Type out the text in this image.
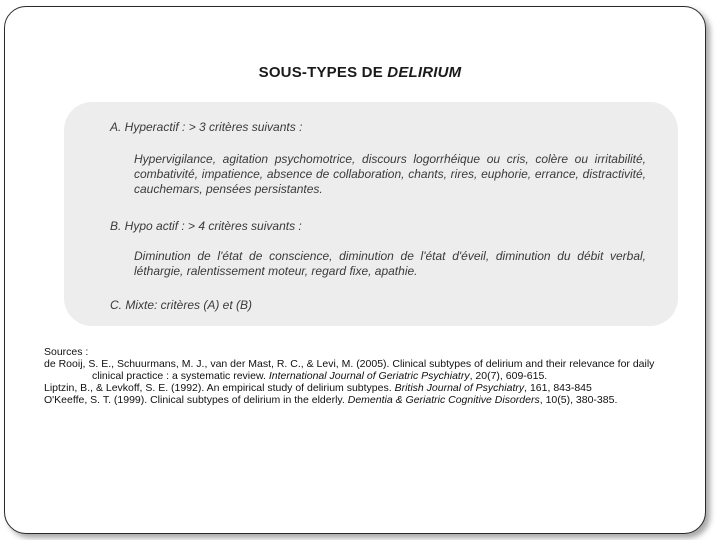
SOUS-TYPES DE DELIRIUM
A. Hyperactif : > 3 critères suivants :
Hypervigilance, agitation psychomotrice, discours logorrhéique ou cris, colère ou irritabilité, combativité, impatience, absence de collaboration, chants, rires, euphorie, errance, distractivité, cauchemars, pensées persistantes.
B. Hypo actif : > 4 critères suivants :
Diminution de l'état de conscience, diminution de l'état d'éveil, diminution du débit verbal, léthargie, ralentissement moteur, regard fixe, apathie.
C. Mixte: critères (A) et (B)
Sources :
de Rooij, S. E., Schuurmans, M. J., van der Mast, R. C., & Levi, M. (2005). Clinical subtypes of delirium and their relevance for daily
clinical practice : a systematic review. International Journal of Geriatric Psychiatry, 20(7), 609-615.
Liptzin, B., & Levkoff, S. E. (1992). An empirical study of delirium subtypes. British Journal of Psychiatry, 161, 843-845
O'Keeffe, S. T. (1999). Clinical subtypes of delirium in the elderly. Dementia & Geriatric Cognitive Disorders, 10(5), 380-385.
